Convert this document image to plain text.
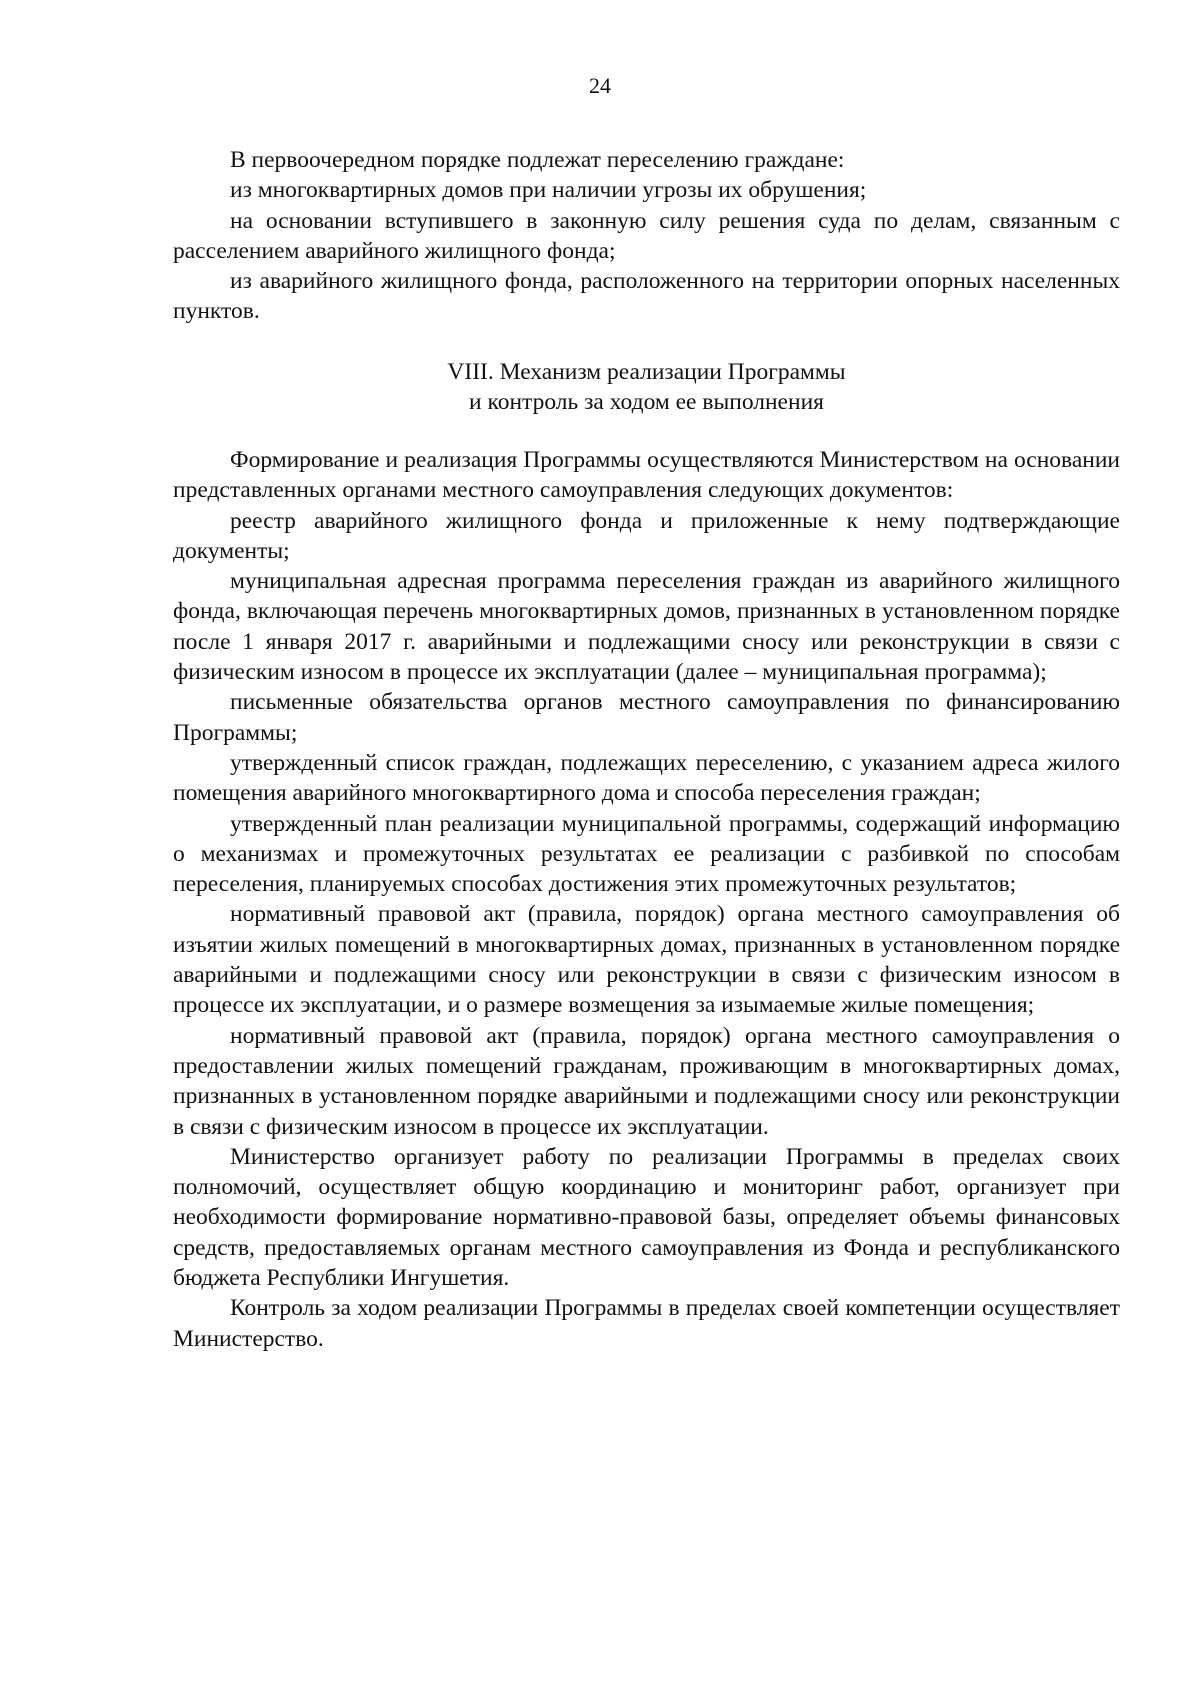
24

В первоочередном порядке подлежат переселению граждане:

из многоквартирных домов при наличии угрозы их обрушения;

на основании вступившего в законную силу решения суда по делам, связанным с расселением аварийного жилищного фонда;

из аварийного жилищного фонда, расположенного на территории опорных населенных пунктов.

VIII. Механизм реализации Программы
и контроль за ходом ее выполнения

Формирование и реализация Программы осуществляются Министерством на основании представленных органами местного самоуправления следующих документов:

реестр аварийного жилищного фонда и приложенные к нему подтверждающие документы;

муниципальная адресная программа переселения граждан из аварийного жилищного фонда, включающая перечень многоквартирных домов, признанных в установленном порядке после 1 января 2017 г. аварийными и подлежащими сносу или реконструкции в связи с физическим износом в процессе их эксплуатации (далее – муниципальная программа);

письменные обязательства органов местного самоуправления по финансированию Программы;

утвержденный список граждан, подлежащих переселению, с указанием адреса жилого помещения аварийного многоквартирного дома и способа переселения граждан;

утвержденный план реализации муниципальной программы, содержащий информацию о механизмах и промежуточных результатах ее реализации с разбивкой по способам переселения, планируемых способах достижения этих промежуточных результатов;

нормативный правовой акт (правила, порядок) органа местного самоуправления об изъятии жилых помещений в многоквартирных домах, признанных в установленном порядке аварийными и подлежащими сносу или реконструкции в связи с физическим износом в процессе их эксплуатации, и о размере возмещения за изымаемые жилые помещения;

нормативный правовой акт (правила, порядок) органа местного самоуправления о предоставлении жилых помещений гражданам, проживающим в многоквартирных домах, признанных в установленном порядке аварийными и подлежащими сносу или реконструкции в связи с физическим износом в процессе их эксплуатации.

Министерство организует работу по реализации Программы в пределах своих полномочий, осуществляет общую координацию и мониторинг работ, организует при необходимости формирование нормативно-правовой базы, определяет объемы финансовых средств, предоставляемых органам местного самоуправления из Фонда и республиканского бюджета Республики Ингушетия.

Контроль за ходом реализации Программы в пределах своей компетенции осуществляет Министерство.
